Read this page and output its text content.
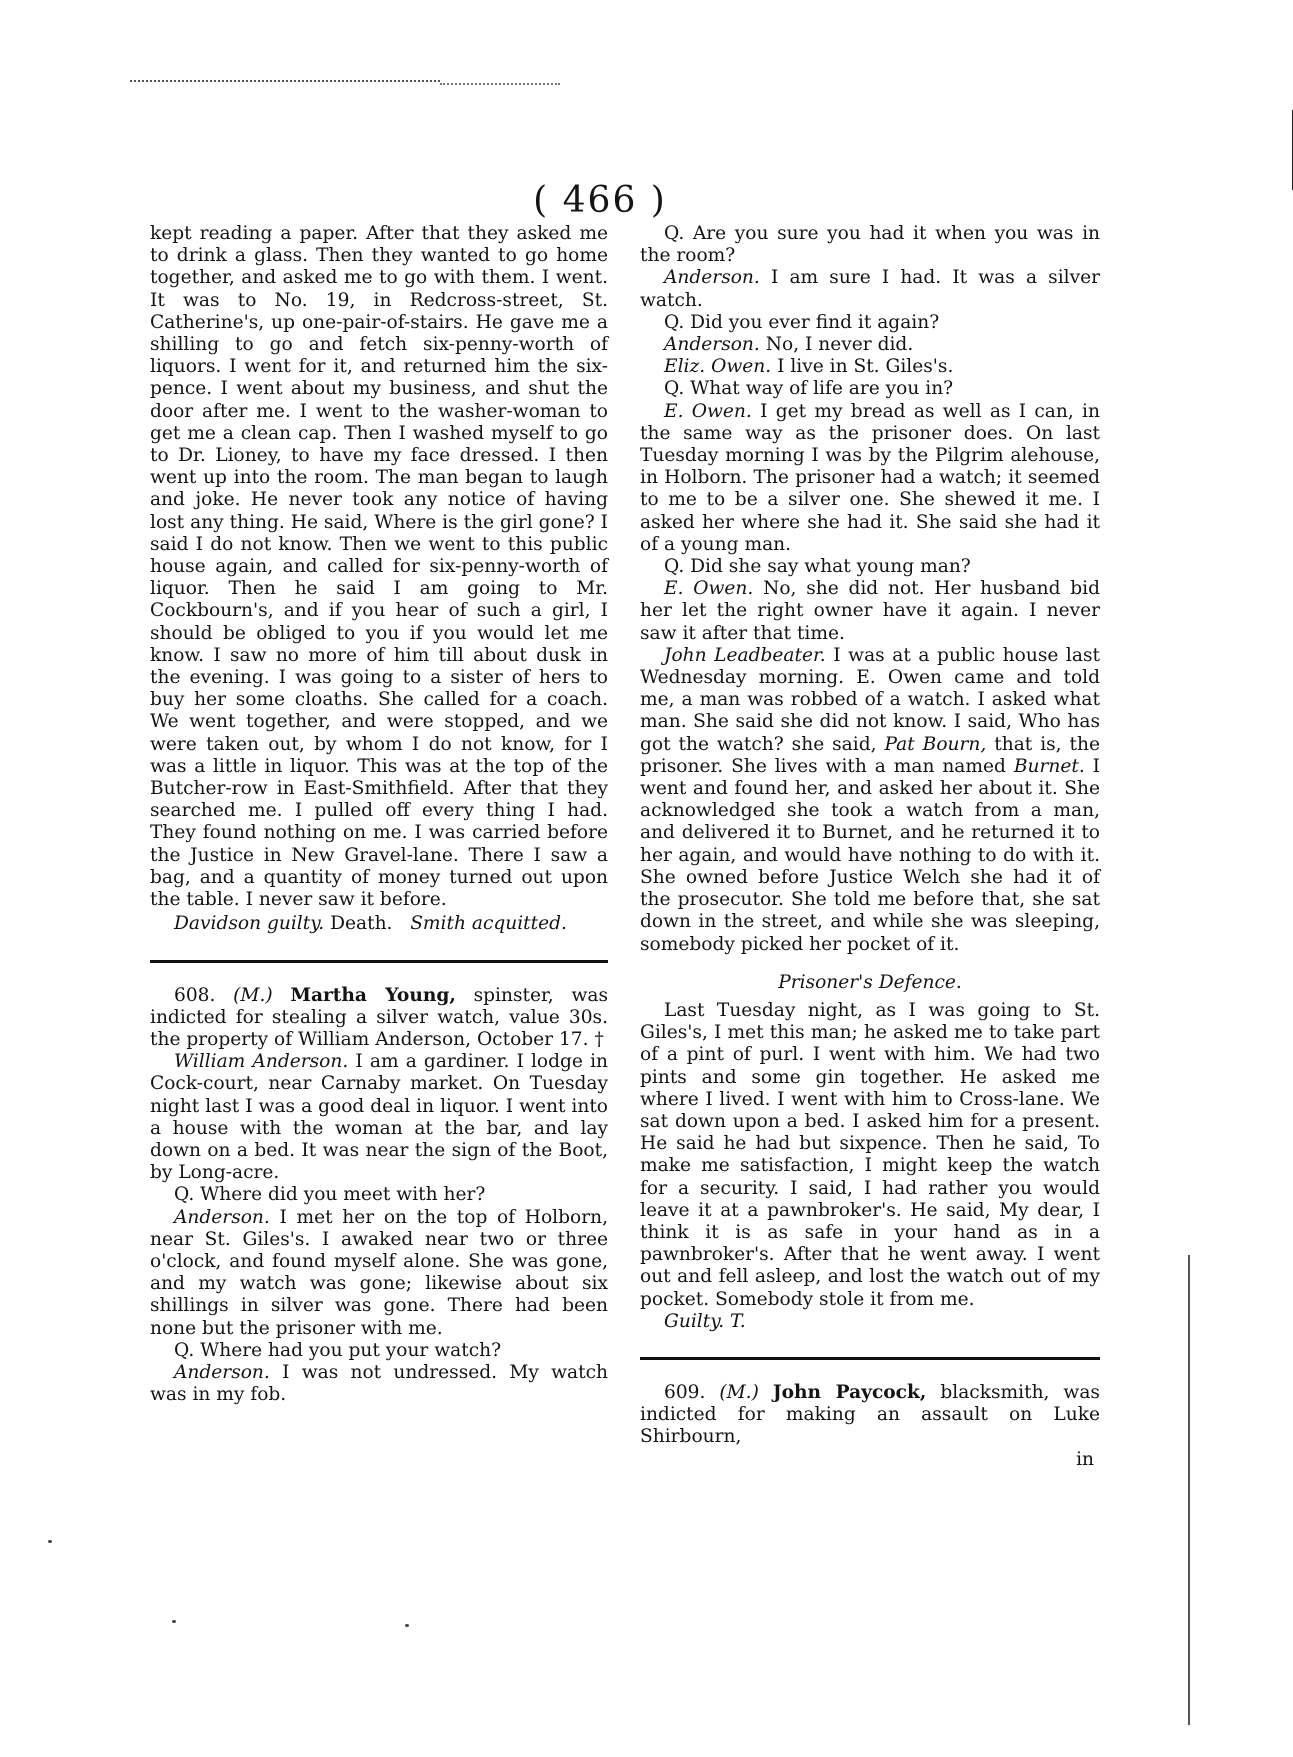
( 466 )

kept reading a paper. After that they asked me to drink a glass. Then they wanted to go home together, and asked me to go with them. I went. It was to No. 19, in Redcross-street, St. Catherine's, up one-pair-of-stairs. He gave me a shilling to go and fetch six-penny-worth of liquors. I went for it, and returned him the six-pence. I went about my business, and shut the door after me. I went to the washer-woman to get me a clean cap. Then I washed myself to go to Dr. Lioney, to have my face dressed. I then went up into the room. The man began to laugh and joke. He never took any notice of having lost any thing. He said, Where is the girl gone? I said I do not know. Then we went to this public house again, and called for six-penny-worth of liquor. Then he said I am going to Mr. Cockbourn's, and if you hear of such a girl, I should be obliged to you if you would let me know. I saw no more of him till about dusk in the evening. I was going to a sister of hers to buy her some cloaths. She called for a coach. We went together, and were stopped, and we were taken out, by whom I do not know, for I was a little in liquor. This was at the top of the Butcher-row in East-Smithfield. After that they searched me. I pulled off every thing I had. They found nothing on me. I was carried before the Justice in New Gravel-lane. There I saw a bag, and a quantity of money turned out upon the table. I never saw it before.

Davidson guilty. Death. Smith acquitted.

608. (M.) Martha Young, spinster, was indicted for stealing a silver watch, value 30s. the property of William Anderson, October 17. †

William Anderson. I am a gardiner. I lodge in Cock-court, near Carnaby market. On Tuesday night last I was a good deal in liquor. I went into a house with the woman at the bar, and lay down on a bed. It was near the sign of the Boot, by Long-acre.

Q. Where did you meet with her?

Anderson. I met her on the top of Holborn, near St. Giles's. I awaked near two or three o'clock, and found myself alone. She was gone, and my watch was gone; likewise about six shillings in silver was gone. There had been none but the prisoner with me.

Q. Where had you put your watch?

Anderson. I was not undressed. My watch was in my fob.

Q. Are you sure you had it when you was in the room?

Anderson. I am sure I had. It was a silver watch.

Q. Did you ever find it again?

Anderson. No, I never did.

Eliz. Owen. I live in St. Giles's.

Q. What way of life are you in?

E. Owen. I get my bread as well as I can, in the same way as the prisoner does. On last Tuesday morning I was by the Pilgrim alehouse, in Holborn. The prisoner had a watch; it seemed to me to be a silver one. She shewed it me. I asked her where she had it. She said she had it of a young man.

Q. Did she say what young man?

E. Owen. No, she did not. Her husband bid her let the right owner have it again. I never saw it after that time.

John Leadbeater. I was at a public house last Wednesday morning. E. Owen came and told me, a man was robbed of a watch. I asked what man. She said she did not know. I said, Who has got the watch? she said, Pat Bourn, that is, the prisoner. She lives with a man named Burnet. I went and found her, and asked her about it. She acknowledged she took a watch from a man, and delivered it to Burnet, and he returned it to her again, and would have nothing to do with it. She owned before Justice Welch she had it of the prosecutor. She told me before that, she sat down in the street, and while she was sleeping, somebody picked her pocket of it.

Prisoner's Defence.

Last Tuesday night, as I was going to St. Giles's, I met this man; he asked me to take part of a pint of purl. I went with him. We had two pints and some gin together. He asked me where I lived. I went with him to Cross-lane. We sat down upon a bed. I asked him for a present. He said he had but sixpence. Then he said, To make me satisfaction, I might keep the watch for a security. I said, I had rather you would leave it at a pawnbroker's. He said, My dear, I think it is as safe in your hand as in a pawnbroker's. After that he went away. I went out and fell asleep, and lost the watch out of my pocket. Somebody stole it from me.

Guilty. T.

609. (M.) John Paycock, blacksmith, was indicted for making an assault on Luke Shirbourn,

in
